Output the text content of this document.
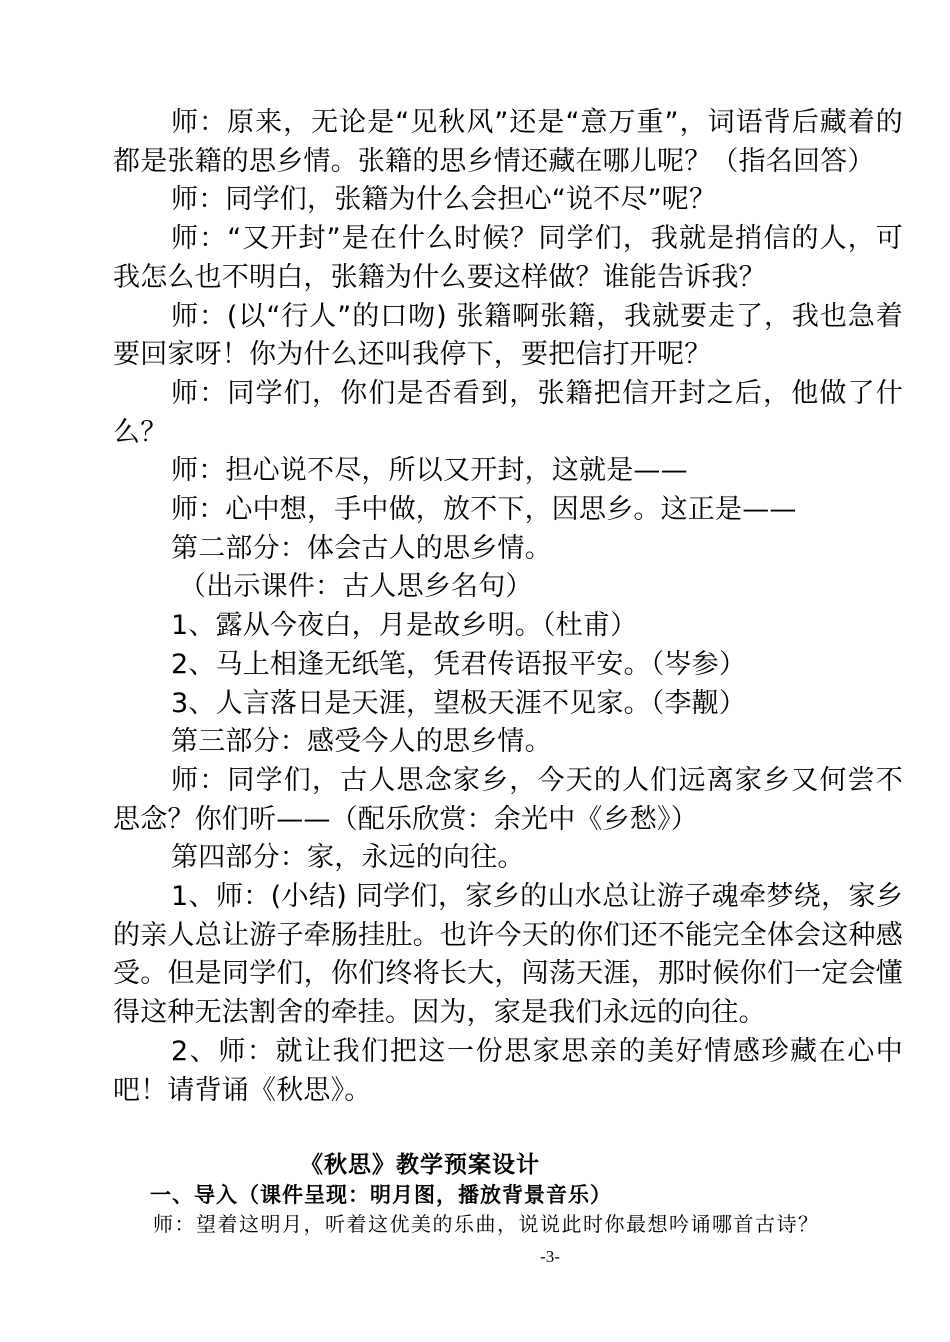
师：原来，无论是“见秋风”还是“意万重”，词语背后藏着的都是张籍的思乡情。张籍的思乡情还藏在哪儿呢？（指名回答）

师：同学们，张籍为什么会担心“说不尽”呢？

师：“又开封”是在什么时候？同学们，我就是捎信的人，可我怎么也不明白，张籍为什么要这样做？谁能告诉我？

师：(以“行人”的口吻) 张籍啊张籍，我就要走了，我也急着要回家呀！你为什么还叫我停下，要把信打开呢？

师：同学们，你们是否看到，张籍把信开封之后，他做了什么？

师：担心说不尽，所以又开封，这就是——

师：心中想，手中做，放不下，因思乡。这正是——

第二部分：体会古人的思乡情。

（出示课件：古人思乡名句）

1、露从今夜白，月是故乡明。（杜甫）

2、马上相逢无纸笔，凭君传语报平安。（岑参）

3、人言落日是天涯，望极天涯不见家。（李觏）

第三部分：感受今人的思乡情。

师：同学们，古人思念家乡，今天的人们远离家乡又何尝不思念？你们听——（配乐欣赏：余光中《乡愁》）

第四部分：家，永远的向往。

1、师：(小结) 同学们，家乡的山水总让游子魂牵梦绕，家乡的亲人总让游子牵肠挂肚。也许今天的你们还不能完全体会这种感受。但是同学们，你们终将长大，闯荡天涯，那时候你们一定会懂得这种无法割舍的牵挂。因为，家是我们永远的向往。

2、师：就让我们把这一份思家思亲的美好情感珍藏在心中吧！请背诵《秋思》。

《秋思》教学预案设计
一、导入（课件呈现：明月图，播放背景音乐）
师：望着这明月，听着这优美的乐曲，说说此时你最想吟诵哪首古诗？
-3-
